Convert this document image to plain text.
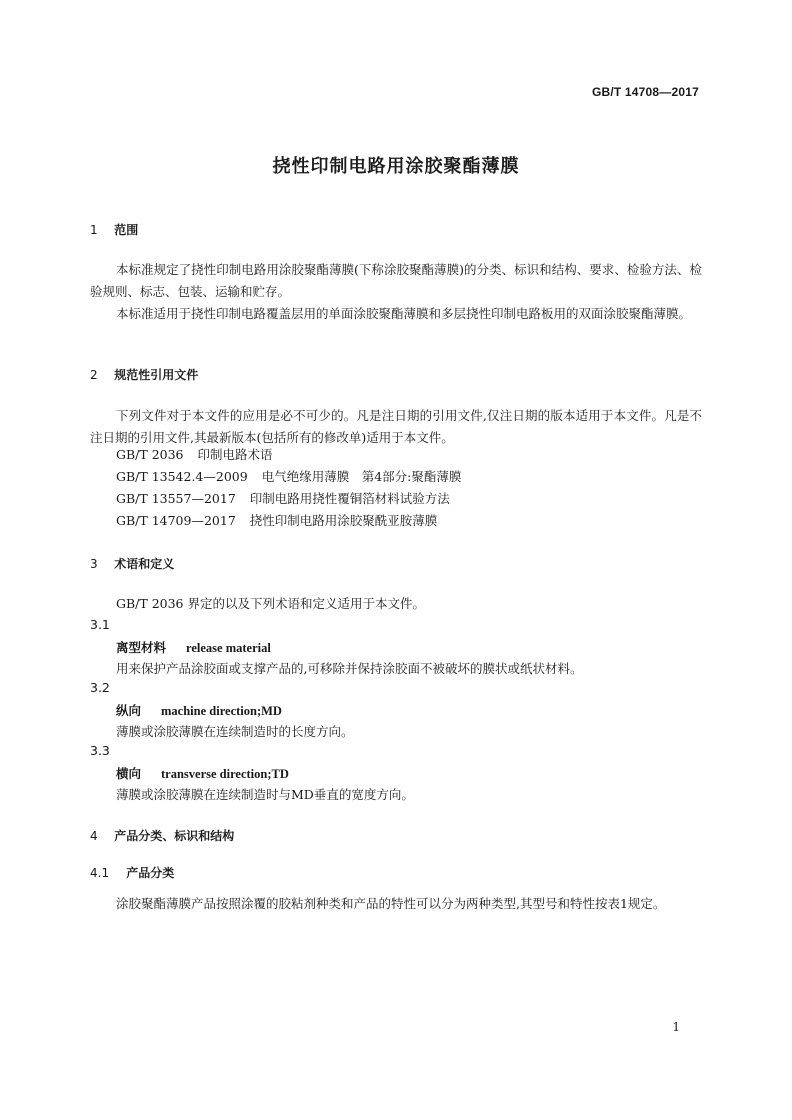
GB/T 14708—2017
挠性印制电路用涂胶聚酯薄膜
1 范围

本标准规定了挠性印制电路用涂胶聚酯薄膜(下称涂胶聚酯薄膜)的分类、标识和结构、要求、检验方法、检验规则、标志、包装、运输和贮存。

本标准适用于挠性印制电路覆盖层用的单面涂胶聚酯薄膜和多层挠性印制电路板用的双面涂胶聚酯薄膜。

2 规范性引用文件

下列文件对于本文件的应用是必不可少的。凡是注日期的引用文件,仅注日期的版本适用于本文件。凡是不注日期的引用文件,其最新版本(包括所有的修改单)适用于本文件。

GB/T 2036 印制电路术语
GB/T 13542.4—2009 电气绝缘用薄膜　第4部分:聚酯薄膜
GB/T 13557—2017 印制电路用挠性覆铜箔材料试验方法
GB/T 14709—2017 挠性印制电路用涂胶聚酰亚胺薄膜
3 术语和定义

GB/T 2036 界定的以及下列术语和定义适用于本文件。

3.1
离型材料 release material
用来保护产品涂胶面或支撑产品的,可移除并保持涂胶面不被破坏的膜状或纸状材料。
3.2
纵向 machine direction;MD
薄膜或涂胶薄膜在连续制造时的长度方向。
3.3
横向 transverse direction;TD
薄膜或涂胶薄膜在连续制造时与MD垂直的宽度方向。
4 产品分类、标识和结构
4.1 产品分类

涂胶聚酯薄膜产品按照涂覆的胶粘剂种类和产品的特性可以分为两种类型,其型号和特性按表1规定。

1
